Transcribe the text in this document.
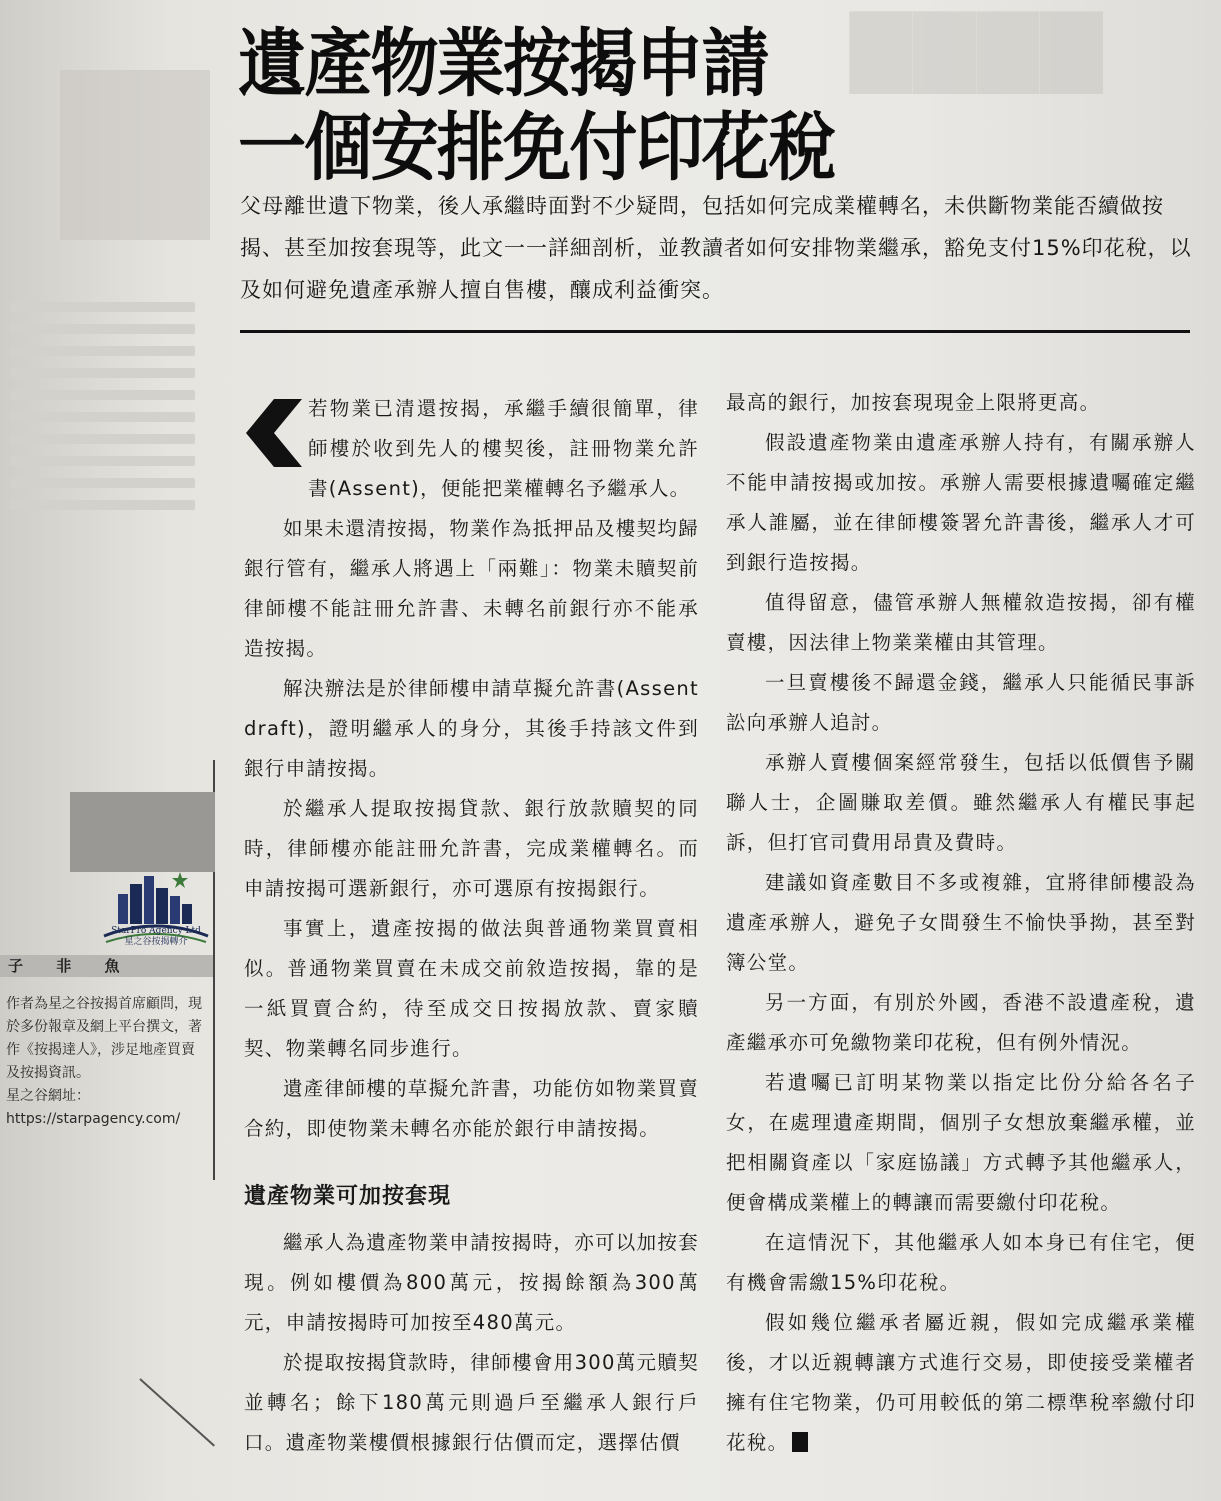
▇▇▇▇
遺產物業按揭申請
一個安排免付印花稅
父母離世遺下物業，後人承繼時面對不少疑問，包括如何完成業權轉名，未供斷物業能否續做按揭、甚至加按套現等，此文一一詳細剖析，並教讀者如何安排物業繼承，豁免支付15%印花稅，以及如何避免遺產承辦人擅自售樓，釀成利益衝突。

若物業已清還按揭，承繼手續很簡單，律師樓於收到先人的樓契後，註冊物業允許書(Assent)，便能把業權轉名予繼承人。

如果未還清按揭，物業作為抵押品及樓契均歸銀行管有，繼承人將遇上「兩難」：物業未贖契前律師樓不能註冊允許書、未轉名前銀行亦不能承造按揭。

解決辦法是於律師樓申請草擬允許書(Assent draft)，證明繼承人的身分，其後手持該文件到銀行申請按揭。

於繼承人提取按揭貸款、銀行放款贖契的同時，律師樓亦能註冊允許書，完成業權轉名。而申請按揭可選新銀行，亦可選原有按揭銀行。

事實上，遺產按揭的做法與普通物業買賣相似。普通物業買賣在未成交前敘造按揭，靠的是一紙買賣合約，待至成交日按揭放款、賣家贖契、物業轉名同步進行。

遺產律師樓的草擬允許書，功能仿如物業買賣合約，即使物業未轉名亦能於銀行申請按揭。

遺產物業可加按套現

繼承人為遺產物業申請按揭時，亦可以加按套現。例如樓價為800萬元，按揭餘額為300萬元，申請按揭時可加按至480萬元。

於提取按揭貸款時，律師樓會用300萬元贖契並轉名；餘下180萬元則過戶至繼承人銀行戶口。遺產物業樓價根據銀行估價而定，選擇估價

最高的銀行，加按套現現金上限將更高。

假設遺產物業由遺產承辦人持有，有關承辦人不能申請按揭或加按。承辦人需要根據遺囑確定繼承人誰屬，並在律師樓簽署允許書後，繼承人才可到銀行造按揭。

值得留意，儘管承辦人無權敘造按揭，卻有權賣樓，因法律上物業業權由其管理。

一旦賣樓後不歸還金錢，繼承人只能循民事訴訟向承辦人追討。

承辦人賣樓個案經常發生，包括以低價售予關聯人士，企圖賺取差價。雖然繼承人有權民事起訴，但打官司費用昂貴及費時。

建議如資產數目不多或複雜，宜將律師樓設為遺產承辦人，避免子女間發生不愉快爭拗，甚至對簿公堂。

另一方面，有別於外國，香港不設遺產稅，遺產繼承亦可免繳物業印花稅，但有例外情況。

若遺囑已訂明某物業以指定比份分給各名子女，在處理遺產期間，個別子女想放棄繼承權，並把相關資產以「家庭協議」方式轉予其他繼承人，便會構成業權上的轉讓而需要繳付印花稅。

在這情況下，其他繼承人如本身已有住宅，便有機會需繳15%印花稅。

假如幾位繼承者屬近親，假如完成繼承業權後，才以近親轉讓方式進行交易，即使接受業權者擁有住宅物業，仍可用較低的第二標準稅率繳付印花稅。

StarPro Agency Ltd
星之谷按揭轉介
子 非 魚
作者為星之谷按揭首席顧問，現於多份報章及網上平台撰文，著作《按揭達人》，涉足地產買賣及按揭資訊。
星之谷網址：
https://starpagency.com/
